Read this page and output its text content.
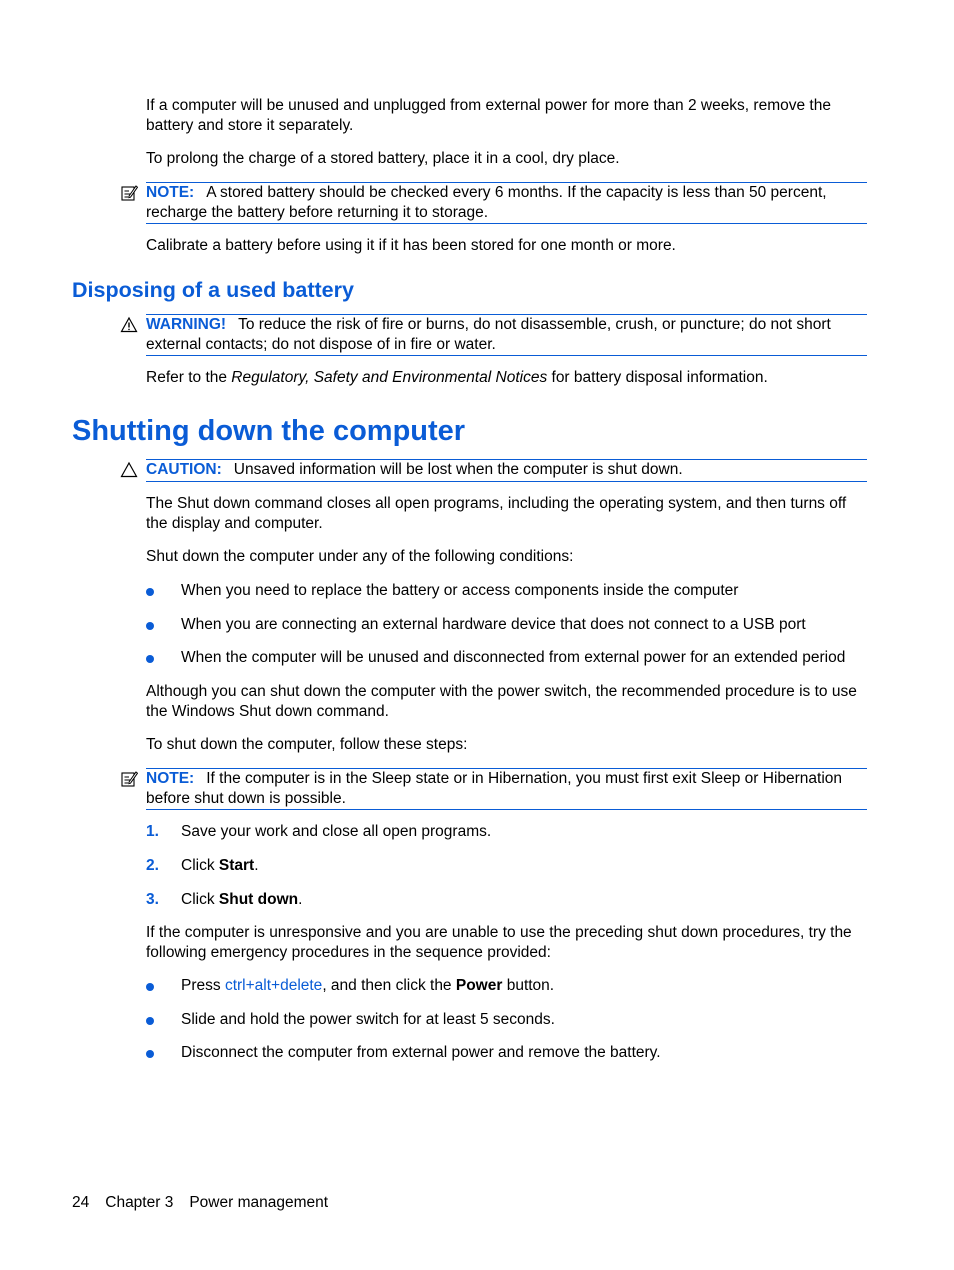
If a computer will be unused and unplugged from external power for more than 2 weeks, remove the battery and store it separately.
To prolong the charge of a stored battery, place it in a cool, dry place.
NOTE: A stored battery should be checked every 6 months. If the capacity is less than 50 percent, recharge the battery before returning it to storage.
Calibrate a battery before using it if it has been stored for one month or more.
Disposing of a used battery
WARNING! To reduce the risk of fire or burns, do not disassemble, crush, or puncture; do not short external contacts; do not dispose of in fire or water.
Refer to the Regulatory, Safety and Environmental Notices for battery disposal information.
Shutting down the computer
CAUTION: Unsaved information will be lost when the computer is shut down.
The Shut down command closes all open programs, including the operating system, and then turns off the display and computer.
Shut down the computer under any of the following conditions:
When you need to replace the battery or access components inside the computer
When you are connecting an external hardware device that does not connect to a USB port
When the computer will be unused and disconnected from external power for an extended period
Although you can shut down the computer with the power switch, the recommended procedure is to use the Windows Shut down command.
To shut down the computer, follow these steps:
NOTE: If the computer is in the Sleep state or in Hibernation, you must first exit Sleep or Hibernation before shut down is possible.
1. Save your work and close all open programs.
2. Click Start.
3. Click Shut down.
If the computer is unresponsive and you are unable to use the preceding shut down procedures, try the following emergency procedures in the sequence provided:
Press ctrl+alt+delete, and then click the Power button.
Slide and hold the power switch for at least 5 seconds.
Disconnect the computer from external power and remove the battery.
24 Chapter 3 Power management
